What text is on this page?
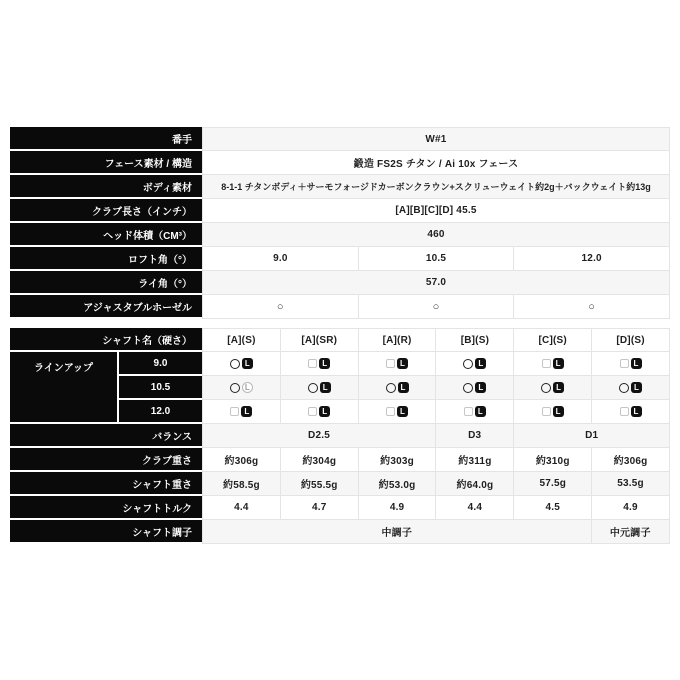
番手	W#1
フェース素材 / 構造	鍛造 FS2S チタン / Ai 10x フェース
ボディ素材	8-1-1 チタンボディ＋サーモフォージドカーボンクラウン+スクリューウェイト約2g＋バックウェイト約13g
クラブ長さ（インチ）	[A][B][C][D] 45.5
ヘッド体積（CM³）	460
ロフト角（°）	9.0	10.5	12.0
ライ角（°）	57.0
アジャスタブルホーゼル	○	○	○
シャフト名（硬さ）	[A](S)	[A](SR)	[A](R)	[B](S)	[C](S)	[D](S)
ラインアップ	9.0	L	L	L	L	L	L
10.5	L	L	L	L	L	L
12.0	L	L	L	L	L	L
バランス	D2.5	D3	D1
クラブ重さ	約306g	約304g	約303g	約311g	約310g	約306g
シャフト重さ	約58.5g	約55.5g	約53.0g	約64.0g	57.5g	53.5g
シャフトトルク	4.4	4.7	4.9	4.4	4.5	4.9
シャフト調子	中調子	中元調子
